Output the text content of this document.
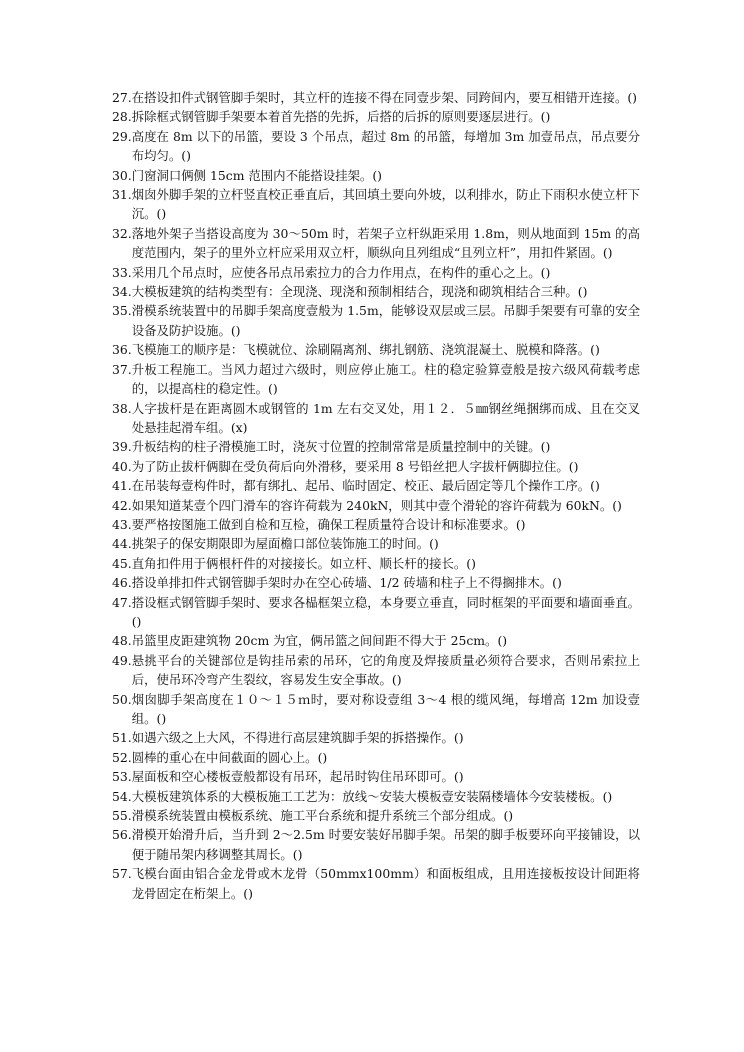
27. 在搭设扣件式钢管脚手架时，其立杆的连接不得在同壹步架、同跨间内，要互相错开连接。()
28. 拆除框式钢管脚手架要本着首先搭的先拆，后搭的后拆的原则要逐层进行。()
29. 高度在 8m 以下的吊篮，要设 3 个吊点，超过 8m 的吊篮，每增加 3m 加壹吊点，吊点要分布均匀。()
30. 门窗洞口俩侧 15cm 范围内不能搭设挂架。()
31. 烟囱外脚手架的立杆竖直校正垂直后，其回填土要向外坡，以利排水，防止下雨积水使立杆下沉。()
32. 落地外架子当搭设高度为 30～50m 时，若架子立杆纵距采用 1.8m，则从地面到 15m 的高度范围内，架子的里外立杆应采用双立杆，顺纵向且列组成“且列立杆”，用扣件紧固。()
33. 采用几个吊点时，应使各吊点吊索拉力的合力作用点，在构件的重心之上。()
34. 大模板建筑的结构类型有：全现浇、现浇和预制相结合，现浇和砌筑相结合三种。()
35. 滑模系统装置中的吊脚手架高度壹般为 1.5m，能够设双层或三层。吊脚手架要有可靠的安全设备及防护设施。()
36. 飞模施工的顺序是：飞模就位、涂刷隔离剂、绑扎钢筋、浇筑混凝土、脱模和降落。()
37. 升板工程施工。当风力超过六级时，则应停止施工。柱的稳定验算壹般是按六级风荷载考虑的，以提高柱的稳定性。()
38. 人字拔杆是在距离圆木或钢管的 1m 左右交叉处，用１２．５㎜钢丝绳捆绑而成、且在交叉处悬挂起滑车组。(x)
39. 升板结构的柱子滑模施工时，浇灰寸位置的控制常常是质量控制中的关键。()
40. 为了防止拔杆俩脚在受负荷后向外滑移，要采用 8 号铅丝把人字拔杆俩脚拉住。()
41. 在吊装每壹构件时，都有绑扎、起吊、临时固定、校正、最后固定等几个操作工序。()
42. 如果知道某壹个四门滑车的容许荷载为 240kN，则其中壹个滑轮的容许荷载为 60kN。()
43. 要严格按图施工做到自检和互检，确保工程质量符合设计和标准要求。()
44. 挑架子的保安期限即为屋面檐口部位装饰施工的时间。()
45. 直角扣件用于俩根杆件的对接接长。如立杆、顺长杆的接长。()
46. 搭设单排扣件式钢管脚手架时办在空心砖墙、1/2 砖墙和柱子上不得搁排木。()
47. 搭设框式钢管脚手架时、要求各榀框架立稳，本身要立垂直，同时框架的平面要和墙面垂直。()
48. 吊篮里皮距建筑物 20cm 为宜，俩吊篮之间间距不得大于 25cm。()
49. 悬挑平台的关键部位是钩挂吊索的吊环，它的角度及焊接质量必须符合要求，否则吊索拉上后，使吊环冷弯产生裂纹，容易发生安全事故。()
50. 烟囱脚手架高度在１０～１５ｍ时，要对称设壹组 3～4 根的缆风绳，每增高 12m 加设壹组。()
51. 如遇六级之上大风，不得进行高层建筑脚手架的拆搭操作。()
52. 圆棒的重心在中间截面的圆心上。()
53. 屋面板和空心楼板壹般都设有吊环，起吊时钩住吊环即可。()
54. 大模板建筑体系的大模板施工工艺为：放线～安装大模板壹安装隔楼墙体今安装楼板。()
55. 滑模系统装置由模板系统、施工平台系统和提升系统三个部分组成。()
56. 滑模开始滑升后，当升到 2～2.5m 时要安装好吊脚手架。吊架的脚手板要环向平接铺设，以便于随吊架内移调整其周长。()
57. 飞模台面由铝合金龙骨或木龙骨（50mmx100mm）和面板组成，且用连接板按设计间距将龙骨固定在桁架上。()
